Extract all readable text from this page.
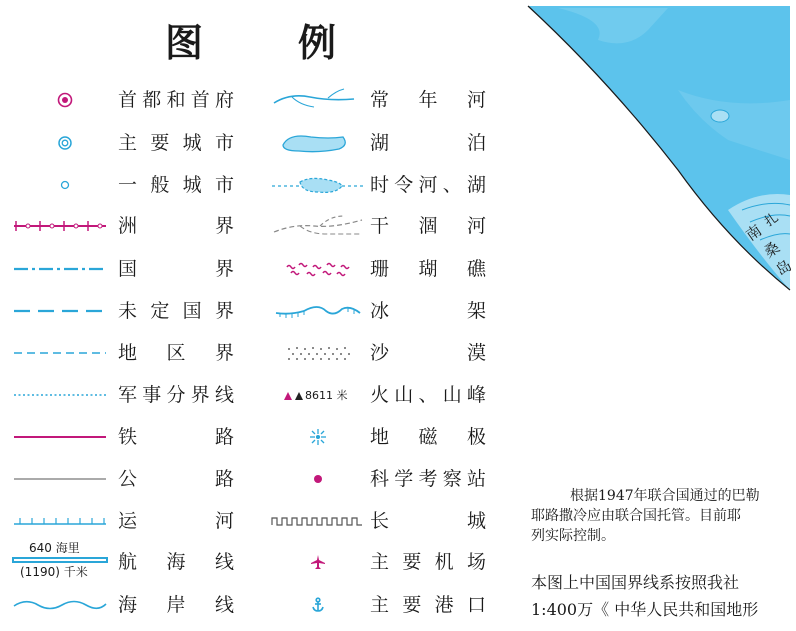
图 例
640 海里
(1190) 千米
首 都 和 首 府
主 要 城 市
一 般 城 市
洲	界
国	界
未 定 国 界
地 区 界
军 事 分 界 线
铁	路
公	路
运	河
航 海 线
海 岸 线
8611 米
常 年 河
湖	泊
时 令 河 、 湖
干 涸 河
珊 瑚 礁
冰	架
沙	漠
火 山 、 山 峰
地 磁 极
科 学 考 察 站
长	城
主 要 机 场
主 要 港 口
南
扎
桑
岛
根据1947年联合国通过的巴勒
耶路撒冷应由联合国托管。目前耶
列实际控制。
本图上中国国界线系按照我社
1:400万《 中华人民共和国地形
